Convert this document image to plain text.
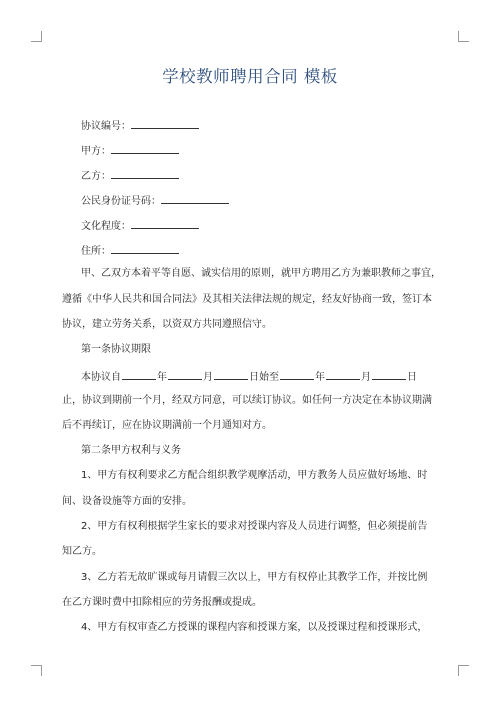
学校教师聘用合同 模板
协议编号：
甲方：
乙方：
公民身份证号码：
文化程度：
住所：
甲、乙双方本着平等自愿、诚实信用的原则，就甲方聘用乙方为兼职教师之事宜，
遵循《中华人民共和国合同法》及其相关法律法规的规定，经友好协商一致，签订本
协议，建立劳务关系，以资双方共同遵照信守。
第一条协议期限
本协议自	年	月	日始至	年	月	日
止，协议到期前一个月，经双方同意，可以续订协议。如任何一方决定在本协议期满
后不再续订，应在协议期满前一个月通知对方。
第二条甲方权利与义务
1、甲方有权利要求乙方配合组织教学观摩活动，甲方教务人员应做好场地、时
间、设备设施等方面的安排。
2、甲方有权利根据学生家长的要求对授课内容及人员进行调整，但必须提前告
知乙方。
3、乙方若无故旷课或每月请假三次以上，甲方有权停止其教学工作，并按比例
在乙方课时费中扣除相应的劳务报酬或提成。
4、甲方有权审查乙方授课的课程内容和授课方案，以及授课过程和授课形式，
